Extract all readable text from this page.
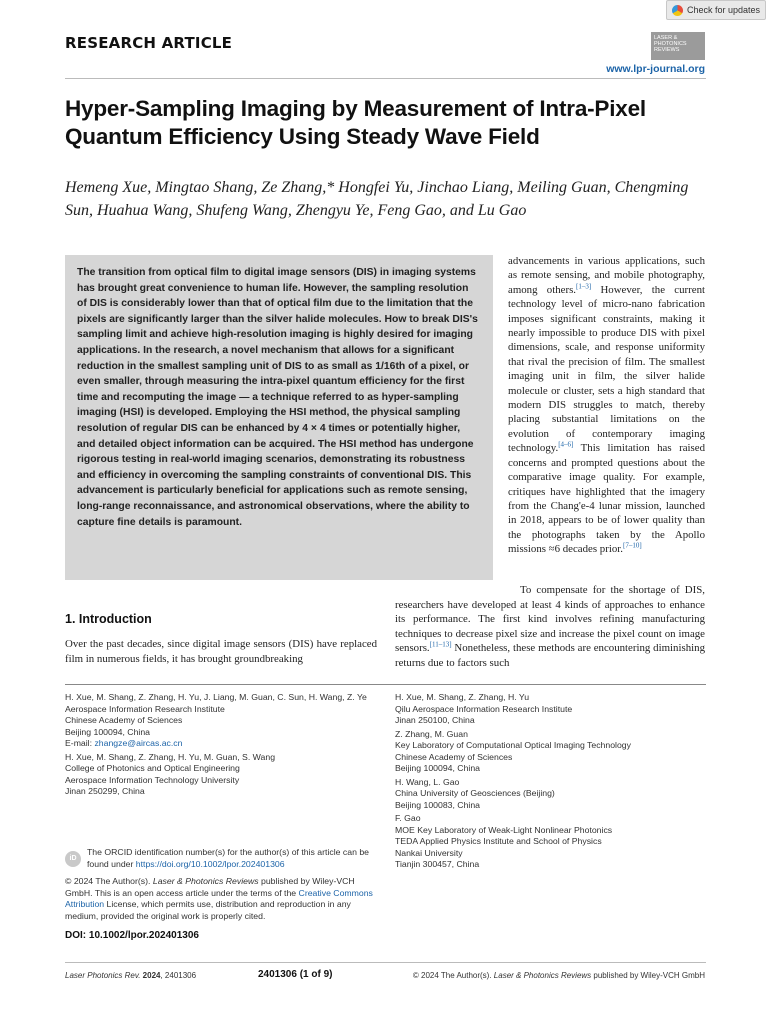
Check for updates
RESEARCH ARTICLE	LASER & PHOTONICS REVIEWS
www.lpr-journal.org
Hyper-Sampling Imaging by Measurement of Intra-Pixel Quantum Efficiency Using Steady Wave Field
Hemeng Xue, Mingtao Shang, Ze Zhang,* Hongfei Yu, Jinchao Liang, Meiling Guan, Chengming Sun, Huahua Wang, Shufeng Wang, Zhengyu Ye, Feng Gao, and Lu Gao

The transition from optical film to digital image sensors (DIS) in imaging systems has brought great convenience to human life. However, the sampling resolution of DIS is considerably lower than that of optical film due to the limitation that the pixels are significantly larger than the silver halide molecules. How to break DIS's sampling limit and achieve high-resolution imaging is highly desired for imaging applications. In the research, a novel mechanism that allows for a significant reduction in the smallest sampling unit of DIS to as small as 1/16th of a pixel, or even smaller, through measuring the intra-pixel quantum efficiency for the first time and recomputing the image — a technique referred to as hyper-sampling imaging (HSI) is developed. Employing the HSI method, the physical sampling resolution of regular DIS can be enhanced by 4 × 4 times or potentially higher, and detailed object information can be acquired. The HSI method has undergone rigorous testing in real-world imaging scenarios, demonstrating its robustness and efficiency in overcoming the sampling constraints of conventional DIS. This advancement is particularly beneficial for applications such as remote sensing, long-range reconnaissance, and astronomical observations, where the ability to capture fine details is paramount.

advancements in various applications, such as remote sensing, and mobile photography, among others.[1–3] However, the current technology level of micro-nano fabrication imposes significant constraints, making it nearly impossible to produce DIS with pixel dimensions, scale, and response uniformity that rival the precision of film. The smallest imaging unit in film, the silver halide molecule or cluster, sets a high standard that modern DIS struggles to match, thereby placing substantial limitations on the evolution of contemporary imaging technology.[4–6] This limitation has raised concerns and prompted questions about the comparative image quality. For example, critiques have highlighted that the imagery from the Chang'e-4 lunar mission, launched in 2018, appears to be of lower quality than the photographs taken by the Apollo missions ≈6 decades prior.[7–10]
To compensate for the shortage of DIS, researchers have developed at least 4 kinds of approaches to enhance its performance. The first kind involves refining manufacturing techniques to decrease pixel size and increase the pixel count on image sensors.[11–13] Nonetheless, these methods are encountering diminishing returns due to factors such
1. Introduction

Over the past decades, since digital image sensors (DIS) have replaced film in numerous fields, it has brought groundbreaking

H. Xue, M. Shang, Z. Zhang, H. Yu, J. Liang, M. Guan, C. Sun, H. Wang, Z. Ye
Aerospace Information Research Institute
Chinese Academy of Sciences
Beijing 100094, China
E-mail: zhangze@aircas.ac.cn
H. Xue, M. Shang, Z. Zhang, H. Yu, M. Guan, S. Wang
College of Photonics and Optical Engineering
Aerospace Information Technology University
Jinan 250299, China
H. Xue, M. Shang, Z. Zhang, H. Yu
Qilu Aerospace Information Research Institute
Jinan 250100, China
Z. Zhang, M. Guan
Key Laboratory of Computational Optical Imaging Technology
Chinese Academy of Sciences
Beijing 100094, China
H. Wang, L. Gao
China University of Geosciences (Beijing)
Beijing 100083, China
F. Gao
MOE Key Laboratory of Weak-Light Nonlinear Photonics
TEDA Applied Physics Institute and School of Physics
Nankai University
Tianjin 300457, China
iD
The ORCID identification number(s) for the author(s) of this article can be found under https://doi.org/10.1002/lpor.202401306
© 2024 The Author(s). Laser & Photonics Reviews published by Wiley-VCH GmbH. This is an open access article under the terms of the Creative Commons Attribution License, which permits use, distribution and reproduction in any medium, provided the original work is properly cited.
DOI: 10.1002/lpor.202401306
Laser Photonics Rev. 2024, 2401306	2401306 (1 of 9)	© 2024 The Author(s). Laser & Photonics Reviews published by Wiley-VCH GmbH
